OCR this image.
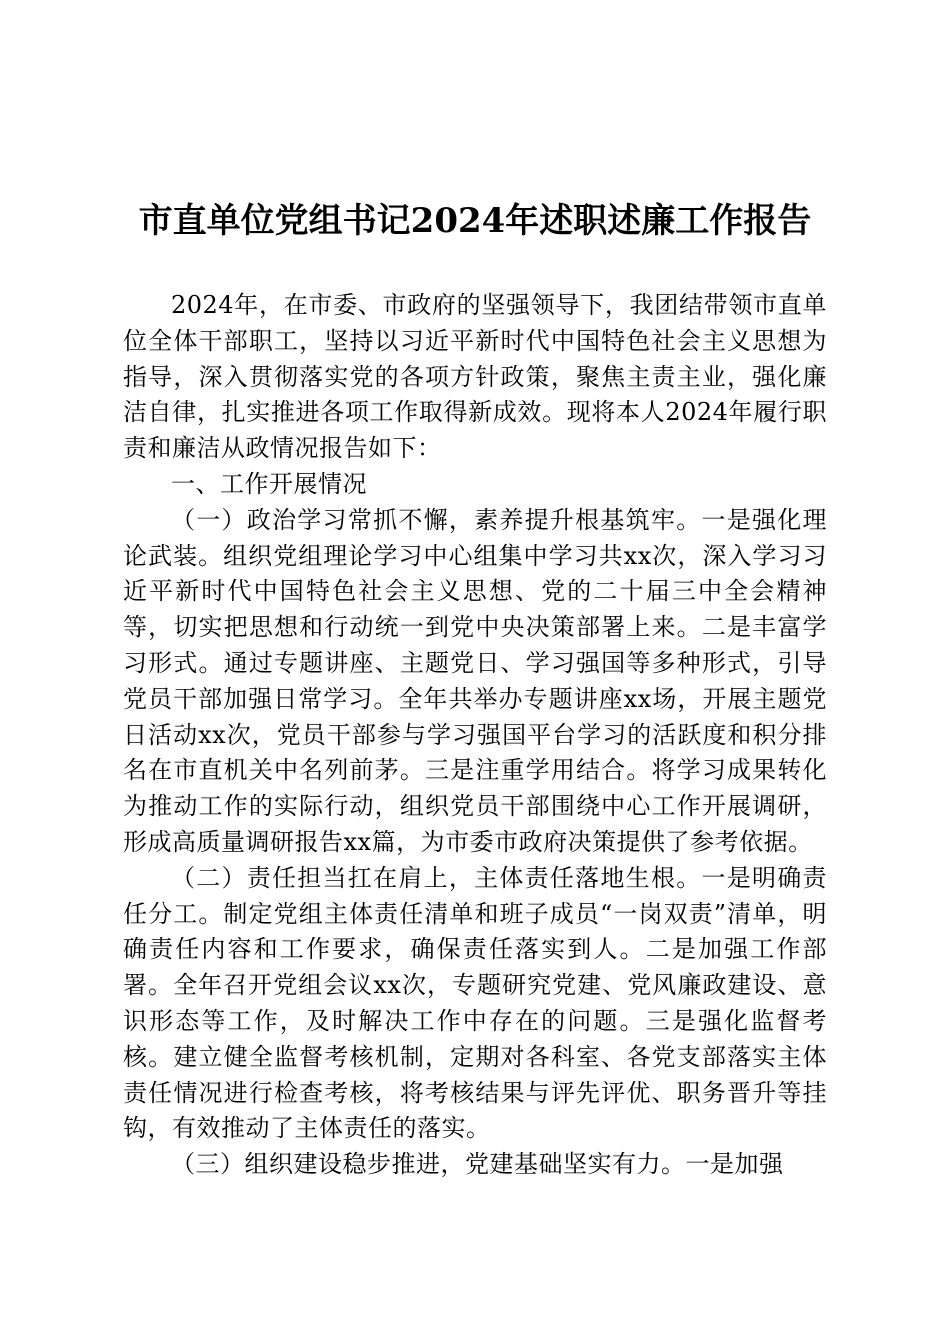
市直单位党组书记2024年述职述廉工作报告

2024年，在市委、市政府的坚强领导下，我团结带领市直单位全体干部职工，坚持以习近平新时代中国特色社会主义思想为指导，深入贯彻落实党的各项方针政策，聚焦主责主业，强化廉洁自律，扎实推进各项工作取得新成效。现将本人2024年履行职责和廉洁从政情况报告如下：

一、工作开展情况

（一）政治学习常抓不懈，素养提升根基筑牢。一是强化理论武装。组织党组理论学习中心组集中学习共xx次，深入学习习近平新时代中国特色社会主义思想、党的二十届三中全会精神等，切实把思想和行动统一到党中央决策部署上来。二是丰富学习形式。通过专题讲座、主题党日、学习强国等多种形式，引导党员干部加强日常学习。全年共举办专题讲座xx场，开展主题党日活动xx次，党员干部参与学习强国平台学习的活跃度和积分排名在市直机关中名列前茅。三是注重学用结合。将学习成果转化为推动工作的实际行动，组织党员干部围绕中心工作开展调研，形成高质量调研报告xx篇，为市委市政府决策提供了参考依据。

（二）责任担当扛在肩上，主体责任落地生根。一是明确责任分工。制定党组主体责任清单和班子成员“一岗双责”清单，明确责任内容和工作要求，确保责任落实到人。二是加强工作部署。全年召开党组会议xx次，专题研究党建、党风廉政建设、意识形态等工作，及时解决工作中存在的问题。三是强化监督考核。建立健全监督考核机制，定期对各科室、各党支部落实主体责任情况进行检查考核，将考核结果与评先评优、职务晋升等挂钩，有效推动了主体责任的落实。

（三）组织建设稳步推进，党建基础坚实有力。一是加强
